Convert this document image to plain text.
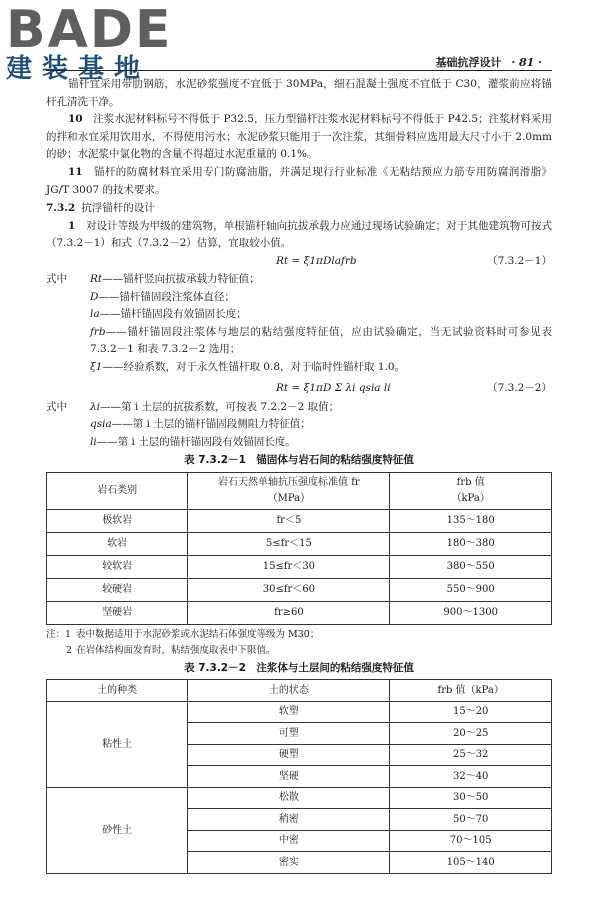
BADE
建装基地	基础抗浮设计 · 81 ·

锚杆宜采用带肋钢筋，水泥砂浆强度不宜低于 30MPa，细石混凝土强度不宜低于 C30，灌浆前应将锚杆孔清洗干净。

10　 注浆水泥材料标号不得低于 P32.5，压力型锚杆注浆水泥材料标号不得低于 P42.5；注浆材料采用的拌和水宜采用饮用水，不得使用污水；水泥砂浆只能用于一次注浆，其细骨料应选用最大尺寸小于 2.0mm 的砂；水泥浆中氯化物的含量不得超过水泥重量的 0.1%。

11　 锚杆的防腐材料宜采用专门防腐油脂，并满足现行行业标准《无粘结预应力筋专用防腐润滑脂》JG/T 3007 的技术要求。

7.3.2 抗浮锚杆的设计

1　 对设计等级为甲级的建筑物，单根锚杆轴向抗拔承载力应通过现场试验确定；对于其他建筑物可按式（7.3.2－1）和式（7.3.2－2）估算，宜取较小值。

Rt = ξ1πDlafrb	（7.3.2－1）

式中 Rt——锚杆竖向抗拔承载力特征值；

D——锚杆锚固段注浆体直径；

la——锚杆锚固段有效锚固长度；

frb——锚杆锚固段注浆体与地层的粘结强度特征值，应由试验确定，当无试验资料时可参见表 7.3.2－1 和表 7.3.2－2 选用；

ξ1——经验系数，对于永久性锚杆取 0.8，对于临时性锚杆取 1.0。

Rt = ξ1πD Σ λi qsia li	（7.3.2－2）

式中 λi——第 i 土层的抗拔系数，可按表 7.2.2－2 取值；

qsia——第 i 土层的锚杆锚固段侧阻力特征值；

li——第 i 土层的锚杆锚固段有效锚固长度。

表 7.3.2－1　锚固体与岩石间的粘结强度特征值
岩石类别	岩石天然单轴抗压强度标准值 fr
（MPa）	frb 值
（kPa）
极软岩	fr＜5	135～180
软岩	5≤fr＜15	180～380
较软岩	15≤fr＜30	380～550
较硬岩	30≤fr＜60	550～900
坚硬岩	fr≥60	900～1300

注：1 表中数据适用于水泥砂浆或水泥结石体强度等级为 M30；

2 在岩体结构面发育时，粘结强度取表中下限值。

表 7.3.2－2　注浆体与土层间的粘结强度特征值
土的种类	土的状态	frb 值（kPa）
粘性土	软塑	15～20
	可塑	20～25
	硬塑	25～32
	坚硬	32～40
砂性土	松散	30～50
	稍密	50～70
	中密	70～105
	密实	105～140
